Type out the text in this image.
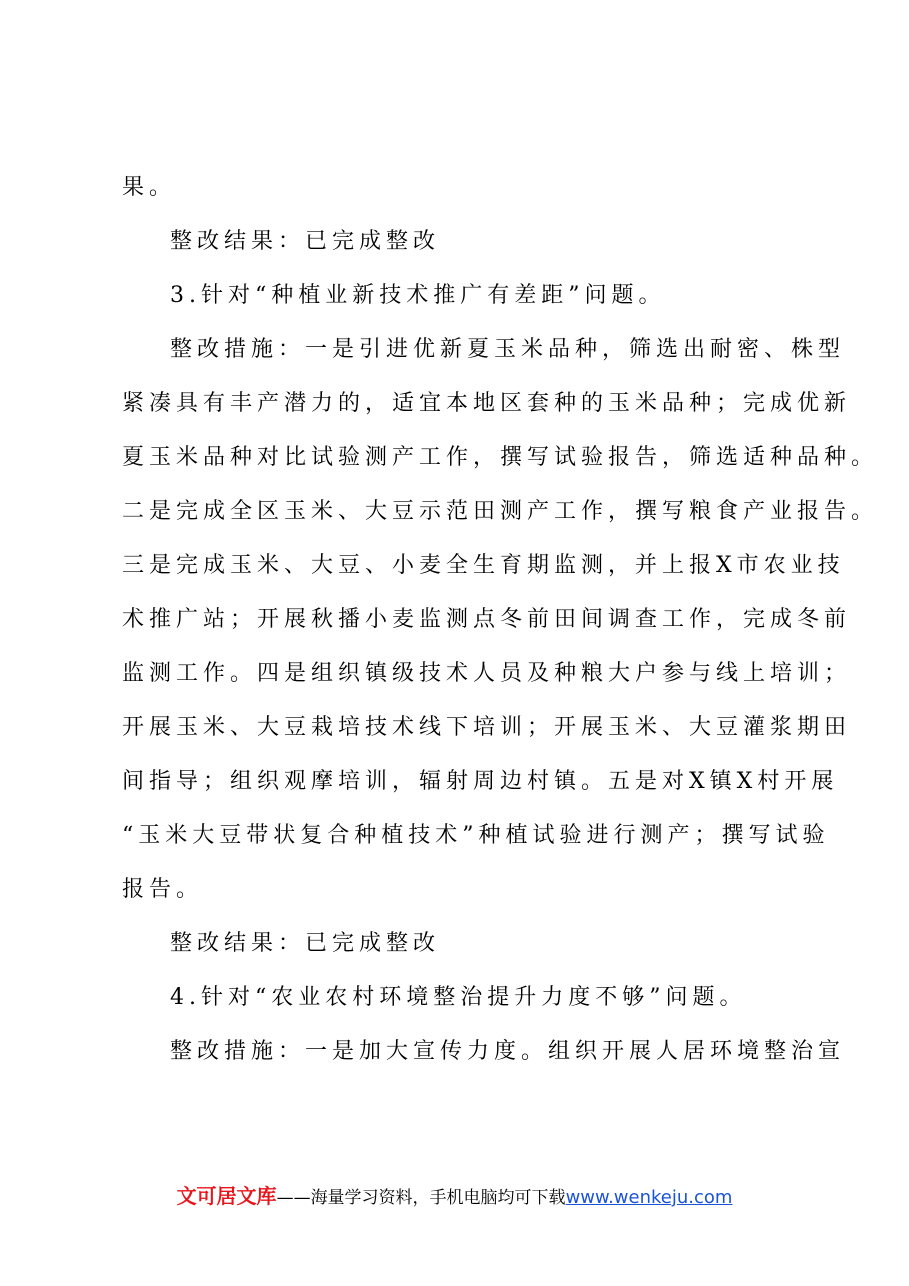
果。
整改结果：已完成整改
3.针对“种植业新技术推广有差距”问题。
整改措施：一是引进优新夏玉米品种，筛选出耐密、株型
紧凑具有丰产潜力的，适宜本地区套种的玉米品种；完成优新
夏玉米品种对比试验测产工作，撰写试验报告，筛选适种品种。
二是完成全区玉米、大豆示范田测产工作，撰写粮食产业报告。
三是完成玉米、大豆、小麦全生育期监测，并上报X市农业技
术推广站；开展秋播小麦监测点冬前田间调查工作，完成冬前
监测工作。四是组织镇级技术人员及种粮大户参与线上培训；
开展玉米、大豆栽培技术线下培训；开展玉米、大豆灌浆期田
间指导；组织观摩培训，辐射周边村镇。五是对X镇X村开展
“玉米大豆带状复合种植技术”种植试验进行测产；撰写试验
报告。
整改结果：已完成整改
4.针对“农业农村环境整治提升力度不够”问题。
整改措施：一是加大宣传力度。组织开展人居环境整治宣
文可居文库——海量学习资料，手机电脑均可下载www.wenkeju.com
